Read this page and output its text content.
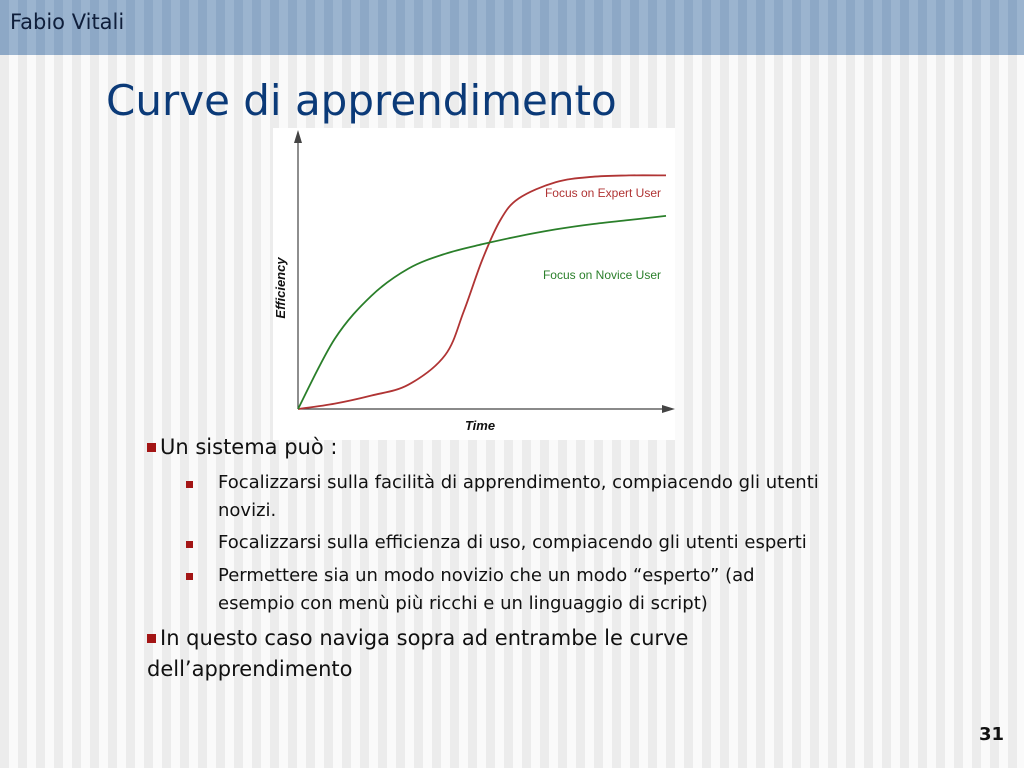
Fabio Vitali
Curve di apprendimento
Focus on Expert User
Focus on Novice User
Time
Efficiency
Un sistema può :
Focalizzarsi sulla facilità di apprendimento, compiacendo gli utenti
novizi.
Focalizzarsi sulla efficienza di uso, compiacendo gli utenti esperti
Permettere sia un modo novizio che un modo “esperto” (ad
esempio con menù più ricchi e un linguaggio di script)
In questo caso naviga sopra ad entrambe le curve
dell’apprendimento
31
